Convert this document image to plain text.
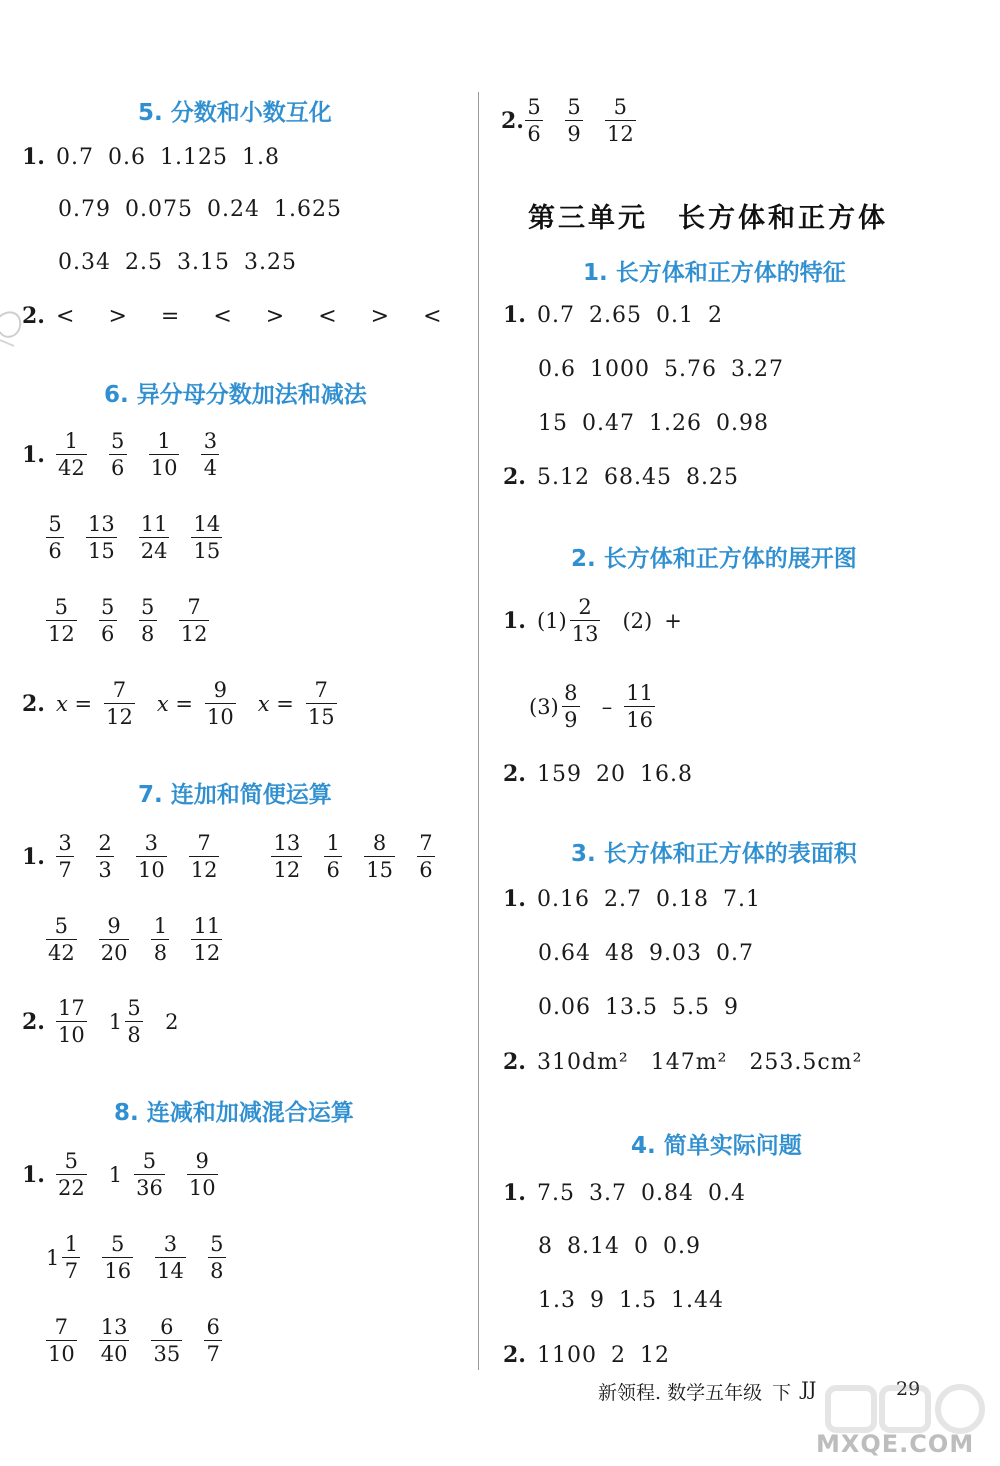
5. 分数和小数互化
1. 0.7 0.6 1.125 1.8
0.79 0.075 0.24 1.625
0.34 2.5 3.15 3.25
2. < > = < > < > <
6. 异分母分数加法和减法
1. $\frac{1}{42} \frac{5}{6} \frac{1}{10} \frac{3}{4}$
$\frac{5}{6} \frac{13}{15} \frac{11}{24} \frac{14}{15}$
$\frac{5}{12} \frac{5}{6} \frac{5}{8} \frac{7}{12}$
2. $x = \frac{7}{12}$ $x = \frac{9}{10}$ $x = \frac{7}{15}$
7. 连加和简便运算
1. $\frac{3}{7} \frac{2}{3} \frac{3}{10} \frac{7}{12} \frac{13}{12} \frac{1}{6} \frac{8}{15} \frac{7}{6}$
$\frac{5}{42} \frac{9}{20} \frac{1}{8} \frac{11}{12}$
2. $\frac{17}{10} 1 \frac{5}{8} 2$
8. 连减和加减混合运算
1. $\frac{5}{22} 1 \frac{5}{36} \frac{9}{10}$
$1 \frac{1}{7} \frac{5}{16} \frac{3}{14} \frac{5}{8}$
$\frac{7}{10} \frac{13}{40} \frac{6}{35} \frac{6}{7}$
2. $\frac{5}{6} \frac{5}{9} \frac{5}{12}$
第三单元　长方体和正方体
1. 长方体和正方体的特征
1. 0.7 2.65 0.1 2
0.6 1000 5.76 3.27
15 0.47 1.26 0.98
2. 5.12 68.45 8.25
2. 长方体和正方体的展开图
1. $(1) \frac{2}{13} (2)$ +
$(3) \frac{8}{9} - \frac{11}{16}$
2. 159 20 16.8
3. 长方体和正方体的表面积
1. 0.16 2.7 0.18 7.1
0.64 48 9.03 0.7
0.06 13.5 5.5 9
2. 310dm² 147m² 253.5cm²
4. 简单实际问题
1. 7.5 3.7 0.84 0.4
8 8.14 0 0.9
1.3 9 1.5 1.44
2. 1100 2 12
新领程. 数学五年级 下 JJ	29
MXQE.COM
